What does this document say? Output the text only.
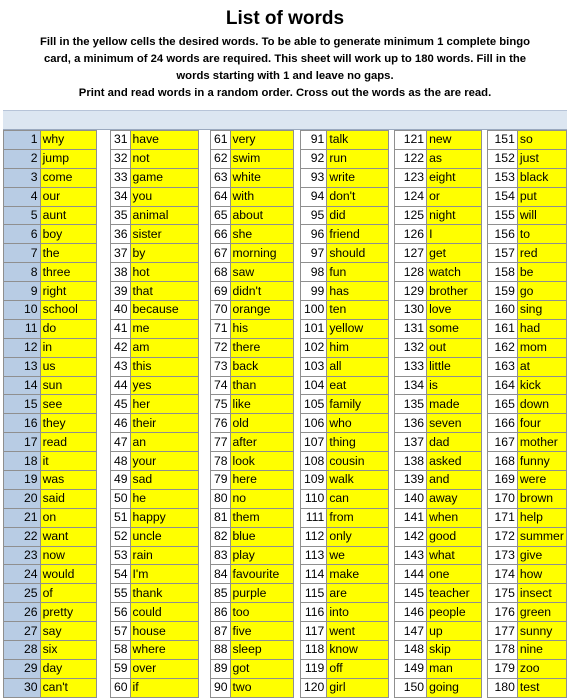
List of words
Fill in the yellow cells the desired words. To be able to generate minimum 1 complete bingo
card, a minimum of 24 words are required. This sheet will work up to 180 words. Fill in the
words starting with 1 and leave no gaps.
Print and read words in a random order. Cross out the words as the are read.
1	why		31	have		61	very		91	talk		121	new		151	so
2	jump		32	not		62	swim		92	run		122	as		152	just
3	come		33	game		63	white		93	write		123	eight		153	black
4	our		34	you		64	with		94	don't		124	or		154	put
5	aunt		35	animal		65	about		95	did		125	night		155	will
6	boy		36	sister		66	she		96	friend		126	I		156	to
7	the		37	by		67	morning		97	should		127	get		157	red
8	three		38	hot		68	saw		98	fun		128	watch		158	be
9	right		39	that		69	didn't		99	has		129	brother		159	go
10	school		40	because		70	orange		100	ten		130	love		160	sing
11	do		41	me		71	his		101	yellow		131	some		161	had
12	in		42	am		72	there		102	him		132	out		162	mom
13	us		43	this		73	back		103	all		133	little		163	at
14	sun		44	yes		74	than		104	eat		134	is		164	kick
15	see		45	her		75	like		105	family		135	made		165	down
16	they		46	their		76	old		106	who		136	seven		166	four
17	read		47	an		77	after		107	thing		137	dad		167	mother
18	it		48	your		78	look		108	cousin		138	asked		168	funny
19	was		49	sad		79	here		109	walk		139	and		169	were
20	said		50	he		80	no		110	can		140	away		170	brown
21	on		51	happy		81	them		111	from		141	when		171	help
22	want		52	uncle		82	blue		112	only		142	good		172	summer
23	now		53	rain		83	play		113	we		143	what		173	give
24	would		54	I'm		84	favourite		114	make		144	one		174	how
25	of		55	thank		85	purple		115	are		145	teacher		175	insect
26	pretty		56	could		86	too		116	into		146	people		176	green
27	say		57	house		87	five		117	went		147	up		177	sunny
28	six		58	where		88	sleep		118	know		148	skip		178	nine
29	day		59	over		89	got		119	off		149	man		179	zoo
30	can't		60	if		90	two		120	girl		150	going		180	test
